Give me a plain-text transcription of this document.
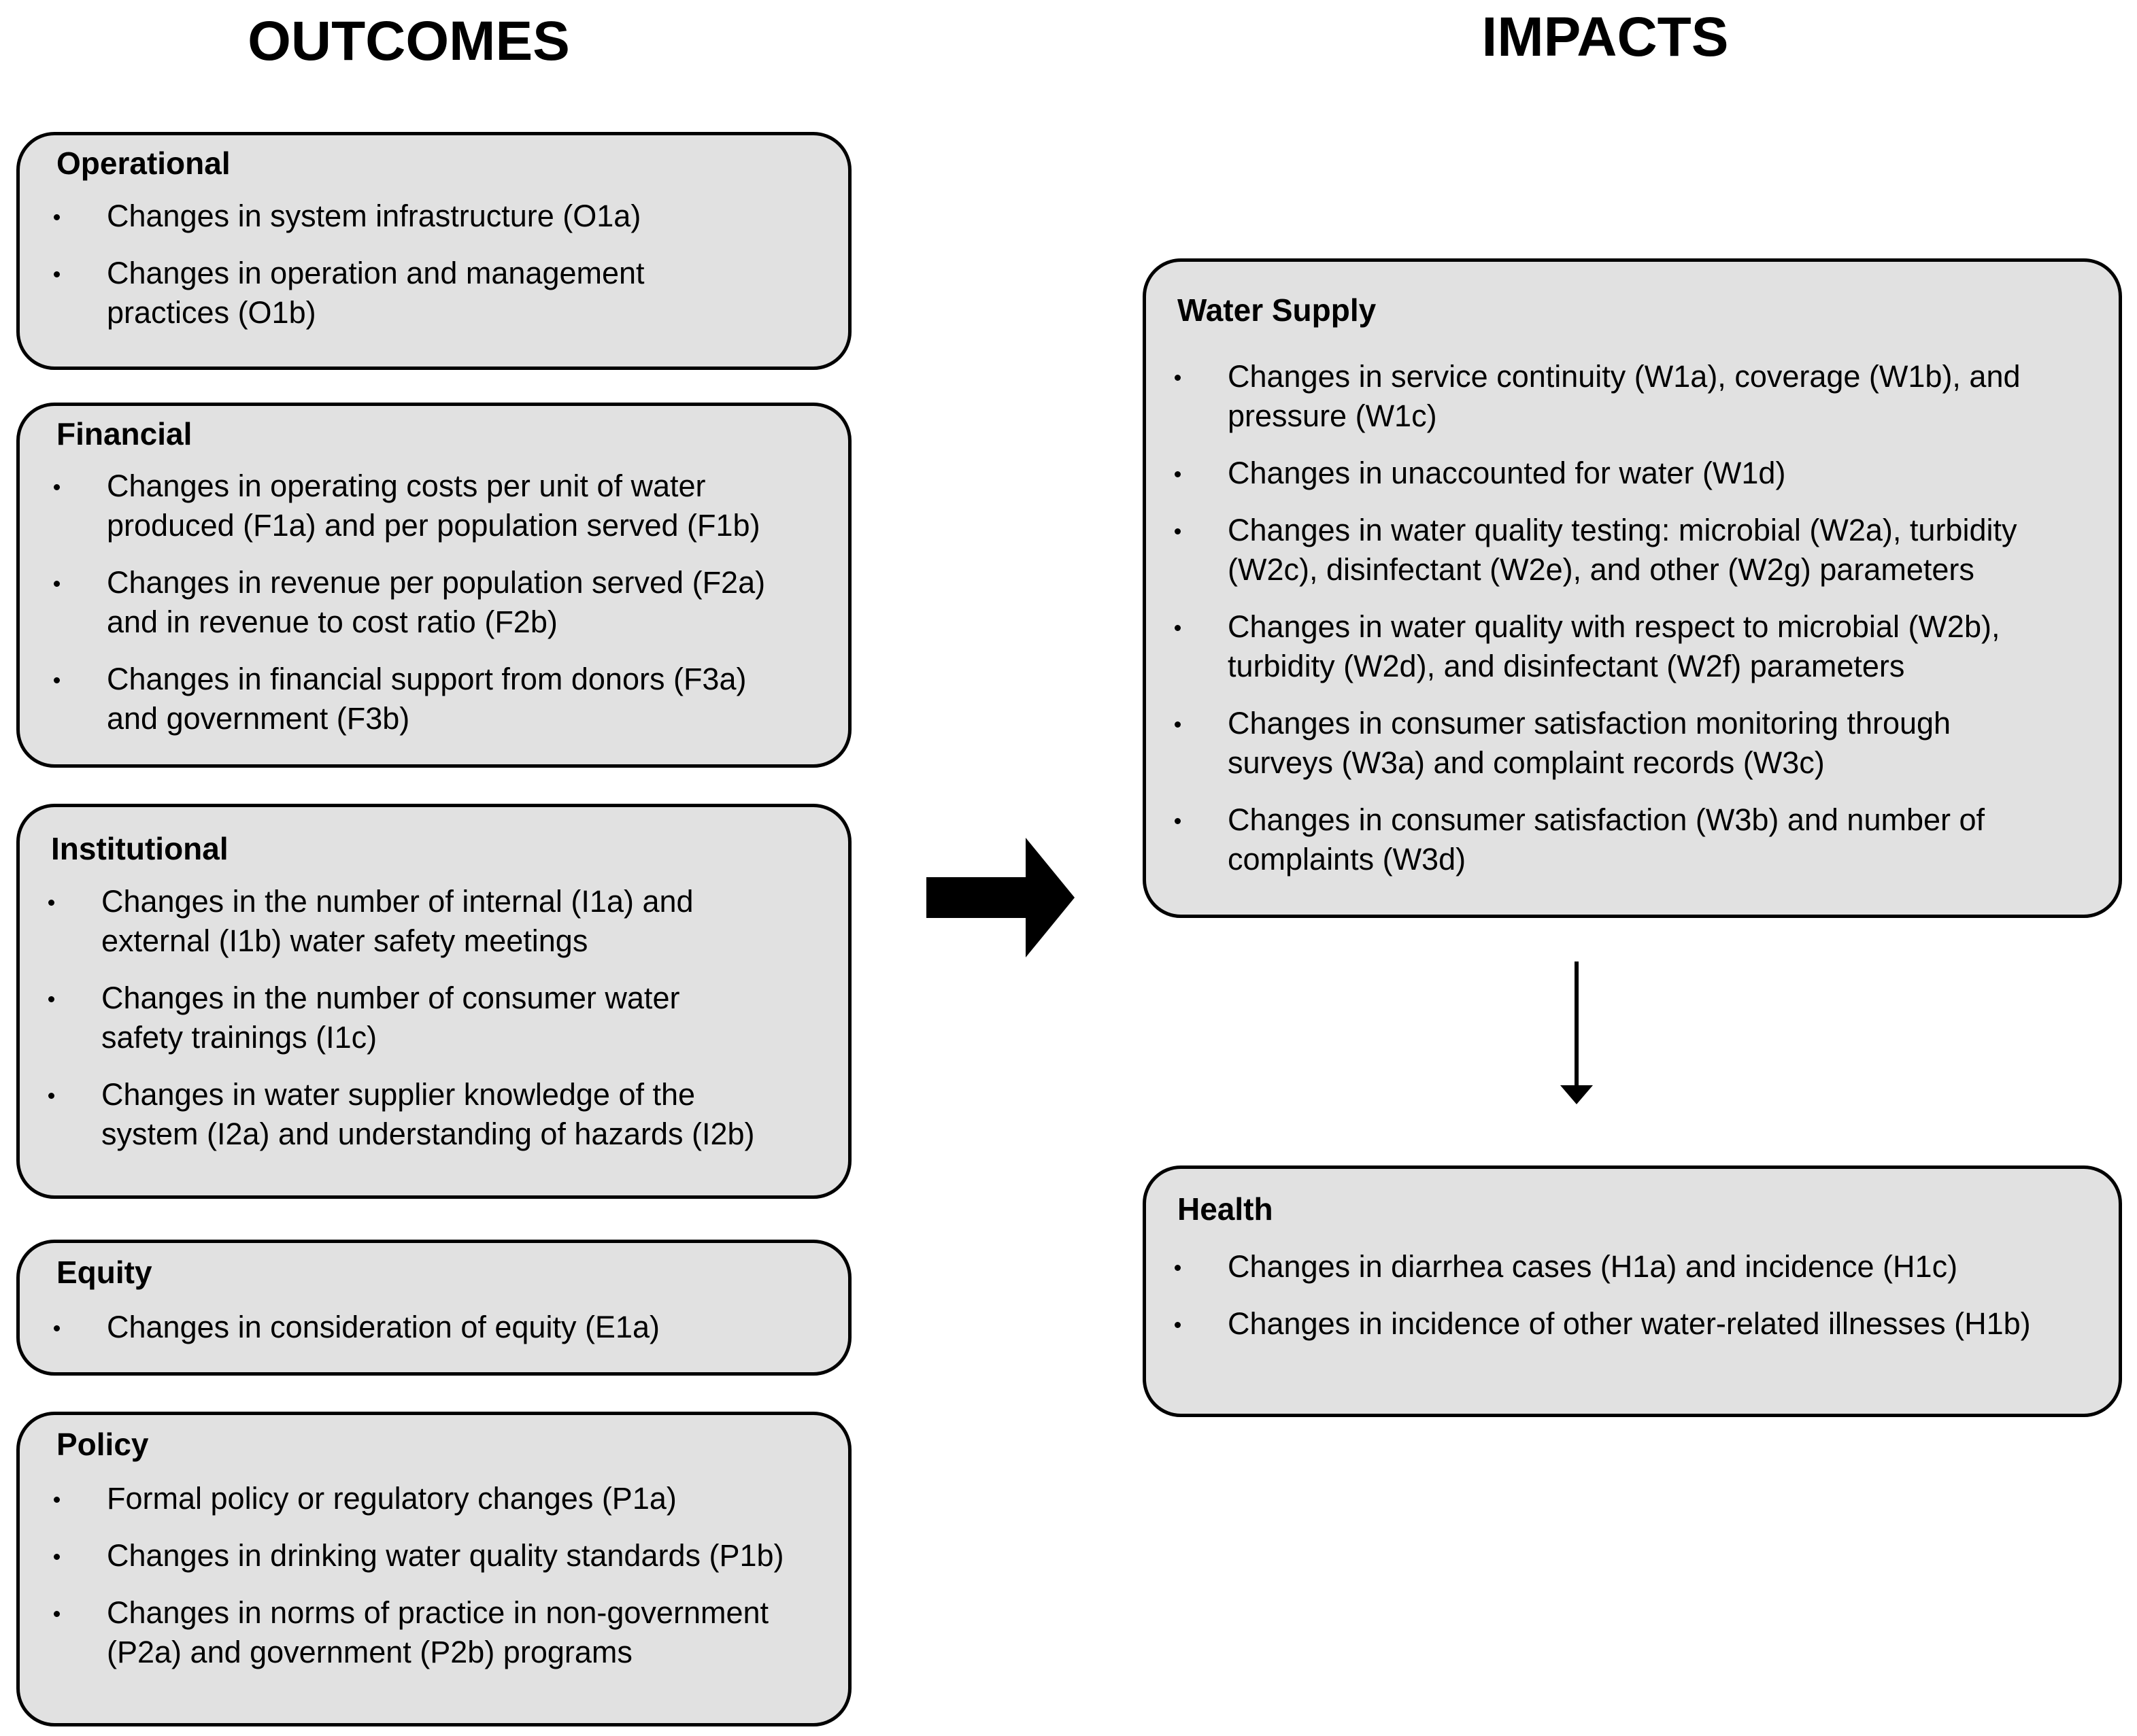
OUTCOMES	IMPACTS
Operational
Changes in system infrastructure (O1a)
Changes in operation and management
practices (O1b)
Financial
Changes in operating costs per unit of water
produced (F1a) and per population served (F1b)
Changes in revenue per population served (F2a)
and in revenue to cost ratio (F2b)
Changes in financial support from donors (F3a)
and government (F3b)
Institutional
Changes in the number of internal (I1a) and
external (I1b) water safety meetings
Changes in the number of consumer water
safety trainings (I1c)
Changes in water supplier knowledge of the
system (I2a) and understanding of hazards (I2b)
Equity
Changes in consideration of equity (E1a)
Policy
Formal policy or regulatory changes (P1a)
Changes in drinking water quality standards (P1b)
Changes in norms of practice in non-government
(P2a) and government (P2b) programs
Water Supply
Changes in service continuity (W1a), coverage (W1b), and
pressure (W1c)
Changes in unaccounted for water (W1d)
Changes in water quality testing: microbial (W2a), turbidity
(W2c), disinfectant (W2e), and other (W2g) parameters
Changes in water quality with respect to microbial (W2b),
turbidity (W2d), and disinfectant (W2f) parameters
Changes in consumer satisfaction monitoring through
surveys (W3a) and complaint records (W3c)
Changes in consumer satisfaction (W3b) and number of
complaints (W3d)
Health
Changes in diarrhea cases (H1a) and incidence (H1c)
Changes in incidence of other water-related illnesses (H1b)
